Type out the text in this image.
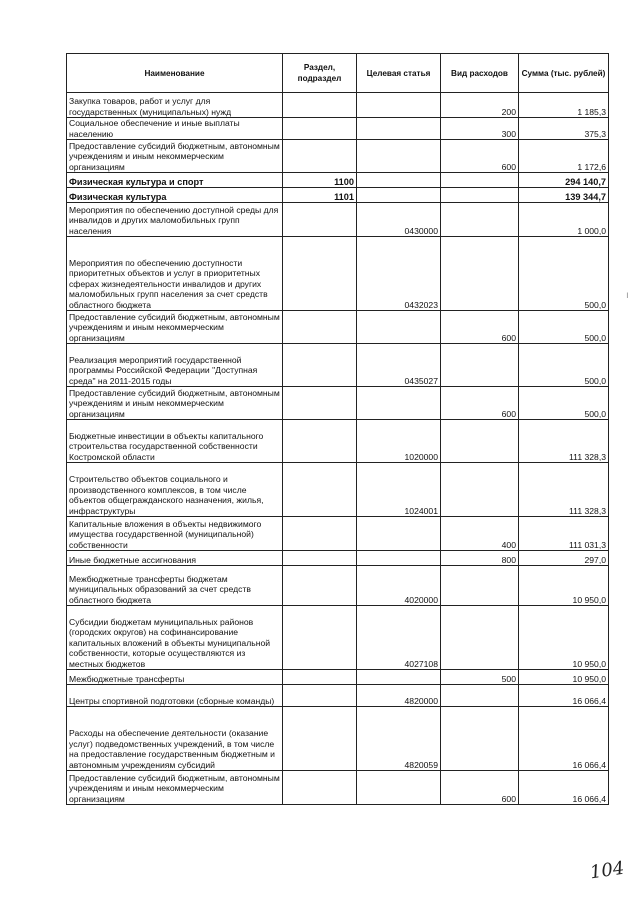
Наименование	Раздел, подраздел	Целевая статья	Вид расходов	Сумма (тыс. рублей)
Закупка товаров, работ и услуг для государственных (муниципальных) нужд			200	1 185,3
Социальное обеспечение и иные выплаты населению			300	375,3
Предоставление субсидий бюджетным, автономным учреждениям и иным некоммерческим организациям			600	1 172,6
Физическая культура и спорт	1100			294 140,7
Физическая культура	1101			139 344,7
Мероприятия по обеспечению доступной среды для инвалидов и других маломобильных групп населения		0430000		1 000,0
Мероприятия по обеспечению доступности приоритетных объектов и услуг в приоритетных сферах жизнедеятельности инвалидов и других маломобильных групп населения за счет средств областного бюджета		0432023		500,0
Предоставление субсидий бюджетным, автономным учреждениям и иным некоммерческим организациям			600	500,0
Реализация мероприятий государственной программы Российской Федерации "Доступная среда" на 2011-2015 годы		0435027		500,0
Предоставление субсидий бюджетным, автономным учреждениям и иным некоммерческим организациям			600	500,0
Бюджетные инвестиции в объекты капитального строительства государственной собственности Костромской области		1020000		111 328,3
Строительство объектов социального и производственного комплексов, в том числе объектов общегражданского назначения, жилья, инфраструктуры		1024001		111 328,3
Капитальные вложения в объекты недвижимого имущества государственной (муниципальной) собственности			400	111 031,3
Иные бюджетные ассигнования			800	297,0
Межбюджетные трансферты бюджетам муниципальных образований за счет средств областного бюджета		4020000		10 950,0
Субсидии бюджетам муниципальных районов (городских округов) на софинансирование капитальных вложений в объекты муниципальной собственности, которые осуществляются из местных бюджетов		4027108		10 950,0
Межбюджетные трансферты			500	10 950,0
Центры спортивной подготовки (сборные команды)		4820000		16 066,4
Расходы на обеспечение деятельности (оказание услуг) подведомственных учреждений, в том числе на предоставление государственным бюджетным и автономным учреждениям субсидий		4820059		16 066,4
Предоставление субсидий бюджетным, автономным учреждениям и иным некоммерческим организациям			600	16 066,4
104
ı
